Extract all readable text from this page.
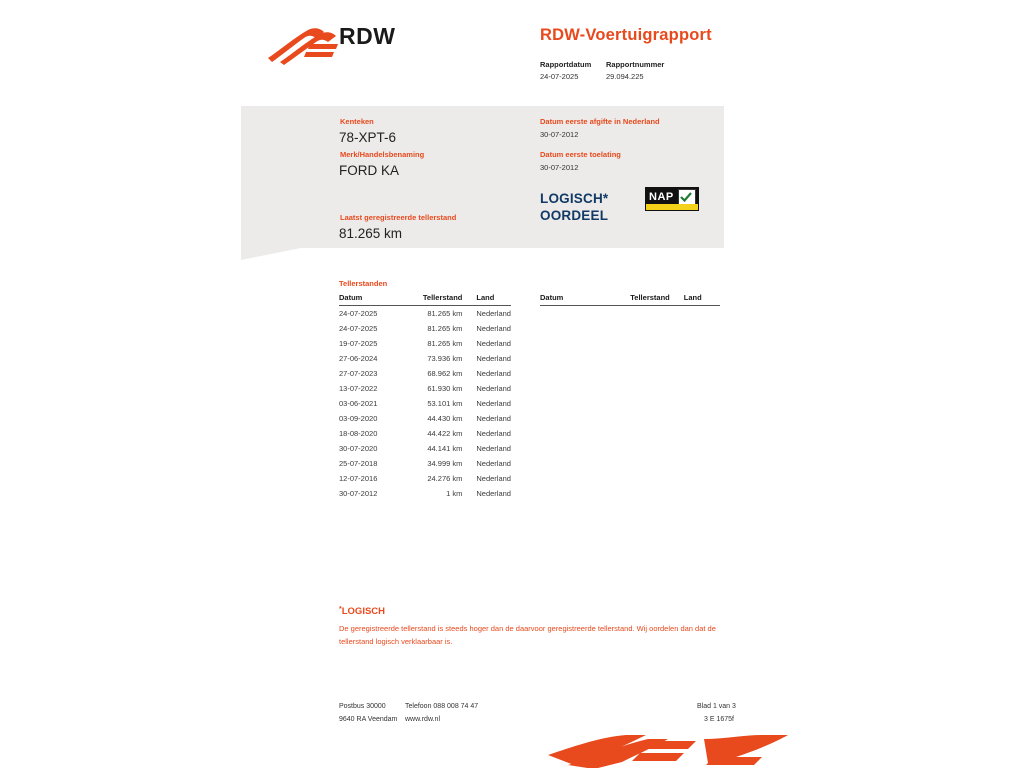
RDW	RDW-Voertuigrapport
Rapportdatum
24-07-2025
Rapportnummer
29.094.225
Kenteken
78-XPT-6
Merk/Handelsbenaming
FORD KA
Laatst geregistreerde tellerstand
81.265 km
Datum eerste afgifte in Nederland
30-07-2012
Datum eerste toelating
30-07-2012
LOGISCH*
OORDEEL
NAP
Tellerstanden
Datum	Tellerstand	Land
24-07-2025	81.265 km	Nederland
24-07-2025	81.265 km	Nederland
19-07-2025	81.265 km	Nederland
27-06-2024	73.936 km	Nederland
27-07-2023	68.962 km	Nederland
13-07-2022	61.930 km	Nederland
03-06-2021	53.101 km	Nederland
03-09-2020	44.430 km	Nederland
18-08-2020	44.422 km	Nederland
30-07-2020	44.141 km	Nederland
25-07-2018	34.999 km	Nederland
12-07-2016	24.276 km	Nederland
30-07-2012	1 km	Nederland
Datum	Tellerstand	Land
*LOGISCH
De geregistreerde tellerstand is steeds hoger dan de daarvoor geregistreerde tellerstand. Wij oordelen dan dat de tellerstand logisch verklaarbaar is.
Postbus 30000
9640 RA Veendam
Telefoon 088 008 74 47
www.rdw.nl
Blad 1 van 3
3 E 1675f
